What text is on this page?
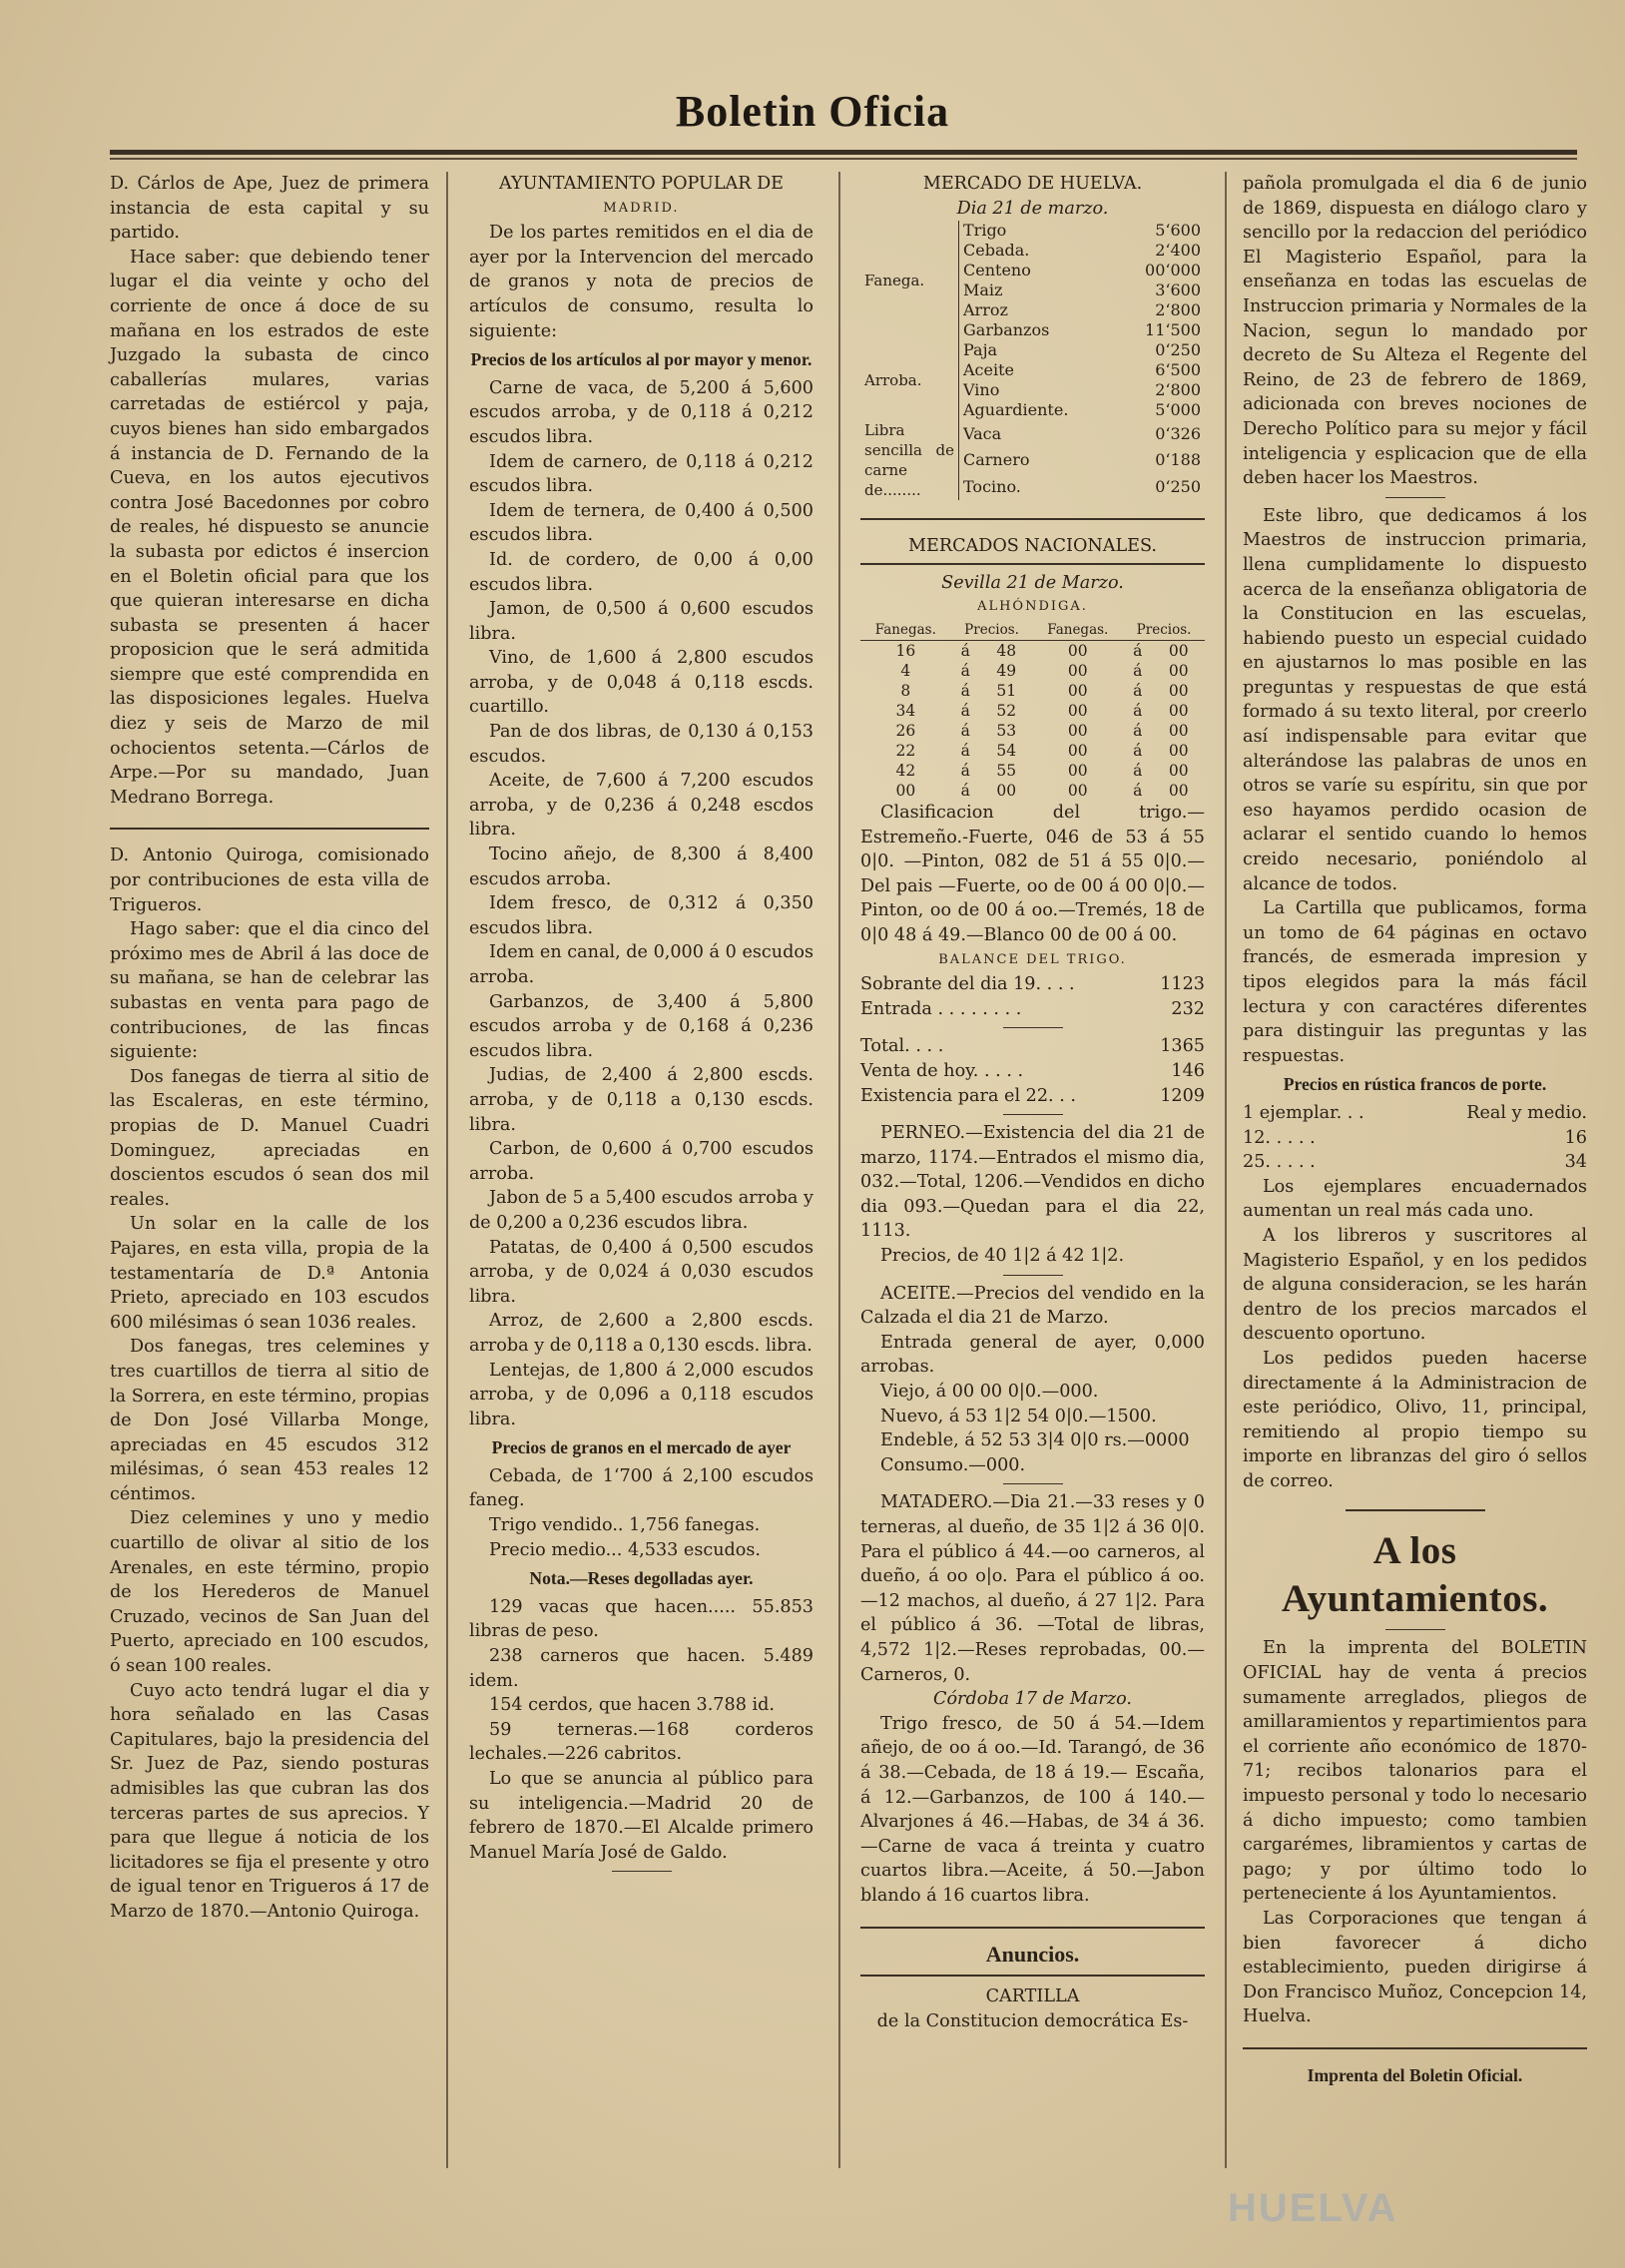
Boletin Oficia

D. Cárlos de Ape, Juez de primera instancia de esta capital y su partido.

Hace saber: que debiendo tener lugar el dia veinte y ocho del corriente de once á doce de su mañana en los estrados de este Juzgado la subasta de cinco caballerías mulares, varias carretadas de estiércol y paja, cuyos bienes han sido embargados á instancia de D. Fernando de la Cueva, en los autos ejecutivos contra José Bacedonnes por cobro de reales, hé dispuesto se anuncie la subasta por edictos é insercion en el Boletin oficial para que los que quieran interesarse en dicha subasta se presenten á hacer proposicion que le será admitida siempre que esté comprendida en las disposiciones legales. Huelva diez y seis de Marzo de mil ochocientos setenta.—Cárlos de Arpe.—Por su mandado, Juan Medrano Borrega.

D. Antonio Quiroga, comisionado por contribuciones de esta villa de Trigueros.

Hago saber: que el dia cinco del próximo mes de Abril á las doce de su mañana, se han de celebrar las subastas en venta para pago de contribuciones, de las fincas siguiente:

Dos fanegas de tierra al sitio de las Escaleras, en este término, propias de D. Manuel Cuadri Dominguez, apreciadas en doscientos escudos ó sean dos mil reales.

Un solar en la calle de los Pajares, en esta villa, propia de la testamentaría de D.ª Antonia Prieto, apreciado en 103 escudos 600 milésimas ó sean 1036 reales.

Dos fanegas, tres celemines y tres cuartillos de tierra al sitio de la Sorrera, en este término, propias de Don José Villarba Monge, apreciadas en 45 escudos 312 milésimas, ó sean 453 reales 12 céntimos.

Diez celemines y uno y medio cuartillo de olivar al sitio de los Arenales, en este término, propio de los Herederos de Manuel Cruzado, vecinos de San Juan del Puerto, apreciado en 100 escudos, ó sean 100 reales.

Cuyo acto tendrá lugar el dia y hora señalado en las Casas Capitulares, bajo la presidencia del Sr. Juez de Paz, siendo posturas admisibles las que cubran las dos terceras partes de sus aprecios. Y para que llegue á noticia de los licitadores se fija el presente y otro de igual tenor en Trigueros á 17 de Marzo de 1870.—Antonio Quiroga.

AYUNTAMIENTO POPULAR DE

MADRID.

De los partes remitidos en el dia de ayer por la Intervencion del mercado de granos y nota de precios de artículos de consumo, resulta lo siguiente:

Precios de los artículos al por mayor y menor.

Carne de vaca, de 5,200 á 5,600 escudos arroba, y de 0,118 á 0,212 escudos libra.

Idem de carnero, de 0,118 á 0,212 escudos libra.

Idem de ternera, de 0,400 á 0,500 escudos libra.

Id. de cordero, de 0,00 á 0,00 escudos libra.

Jamon, de 0,500 á 0,600 escudos libra.

Vino, de 1,600 á 2,800 escudos arroba, y de 0,048 á 0,118 escds. cuartillo.

Pan de dos libras, de 0,130 á 0,153 escudos.

Aceite, de 7,600 á 7,200 escudos arroba, y de 0,236 á 0,248 escdos libra.

Tocino añejo, de 8,300 á 8,400 escudos arroba.

Idem fresco, de 0,312 á 0,350 escudos libra.

Idem en canal, de 0,000 á 0 escudos arroba.

Garbanzos, de 3,400 á 5,800 escudos arroba y de 0,168 á 0,236 escudos libra.

Judias, de 2,400 á 2,800 escds. arroba, y de 0,118 a 0,130 escds. libra.

Carbon, de 0,600 á 0,700 escudos arroba.

Jabon de 5 a 5,400 escudos arroba y de 0,200 a 0,236 escudos libra.

Patatas, de 0,400 á 0,500 escudos arroba, y de 0,024 á 0,030 escudos libra.

Arroz, de 2,600 a 2,800 escds. arroba y de 0,118 a 0,130 escds. libra.

Lentejas, de 1,800 á 2,000 escudos arroba, y de 0,096 a 0,118 escudos libra.

Precios de granos en el mercado de ayer

Cebada, de 1‘700 á 2,100 escudos faneg.

Trigo vendido.. 1,756 fanegas.

Precio medio... 4,533 escudos.

Nota.—Reses degolladas ayer.

129 vacas que hacen..... 55.853 libras de peso.

238 carneros que hacen. 5.489 idem.

154 cerdos, que hacen 3.788 id.

59 terneras.—168 corderos lechales.—226 cabritos.

Lo que se anuncia al público para su inteligencia.—Madrid 20 de febrero de 1870.—El Alcalde primero Manuel María José de Galdo.

MERCADO DE HUELVA.

Dia 21 de marzo.

Fanega.	Trigo	5‘600
	Cebada.	2‘400
	Centeno	00‘000
	Maiz	3‘600
	Arroz	2‘800
	Garbanzos	11‘500
Arroba.	Paja	0‘250
	Aceite	6‘500
	Vino	2‘800
	Aguardiente.	5‘000
Libra sencilla de carne de........	Vaca	0‘326
	Carnero	0‘188
	Tocino.	0‘250

MERCADOS NACIONALES.

Sevilla 21 de Marzo.

ALHÓNDIGA.

Fanegas.	Precios.		Fanegas.	Precios.	
16	á	48	00	á	00
4	á	49	00	á	00
8	á	51	00	á	00
34	á	52	00	á	00
26	á	53	00	á	00
22	á	54	00	á	00
42	á	55	00	á	00
00	á	00	00	á	00

Clasificacion del trigo.—Estremeño.-Fuerte, 046 de 53 á 55 0|0. —Pinton, 082 de 51 á 55 0|0.—Del pais —Fuerte, oo de 00 á 00 0|0.—Pinton, oo de 00 á oo.—Tremés, 18 de 0|0 48 á 49.—Blanco 00 de 00 á 00.

BALANCE DEL TRIGO.

Sobrante del dia 19. . . .	1123
Entrada . . . . . . . .	232
Total. . . .	1365
Venta de hoy. . . . .	146
Existencia para el 22. . .	1209

PERNEO.—Existencia del dia 21 de marzo, 1174.—Entrados el mismo dia, 032.—Total, 1206.—Vendidos en dicho dia 093.—Quedan para el dia 22, 1113.

Precios, de 40 1|2 á 42 1|2.

ACEITE.—Precios del vendido en la Calzada el dia 21 de Marzo.

Entrada general de ayer, 0,000 arrobas.

Viejo, á 00 00 0|0.—000.

Nuevo, á 53 1|2 54 0|0.—1500.

Endeble, á 52 53 3|4 0|0 rs.—0000

Consumo.—000.

MATADERO.—Dia 21.—33 reses y 0 terneras, al dueño, de 35 1|2 á 36 0|0. Para el público á 44.—oo carneros, al dueño, á oo o|o. Para el público á oo.—12 machos, al dueño, á 27 1|2. Para el público á 36. —Total de libras, 4,572 1|2.—Reses reprobadas, 00.—Carneros, 0.

Córdoba 17 de Marzo.

Trigo fresco, de 50 á 54.—Idem añejo, de oo á oo.—Id. Tarangó, de 36 á 38.—Cebada, de 18 á 19.— Escaña, á 12.—Garbanzos, de 100 á 140.—Alvarjones á 46.—Habas, de 34 á 36.—Carne de vaca á treinta y cuatro cuartos libra.—Aceite, á 50.—Jabon blando á 16 cuartos libra.

Anuncios.

CARTILLA

de la Constitucion democrática Es-

pañola promulgada el dia 6 de junio de 1869, dispuesta en diálogo claro y sencillo por la redaccion del periódico El Magisterio Español, para la enseñanza en todas las escuelas de Instruccion primaria y Normales de la Nacion, segun lo mandado por decreto de Su Alteza el Regente del Reino, de 23 de febrero de 1869, adicionada con breves nociones de Derecho Político para su mejor y fácil inteligencia y esplicacion que de ella deben hacer los Maestros.

Este libro, que dedicamos á los Maestros de instruccion primaria, llena cumplidamente lo dispuesto acerca de la enseñanza obligatoria de la Constitucion en las escuelas, habiendo puesto un especial cuidado en ajustarnos lo mas posible en las preguntas y respuestas de que está formado á su texto literal, por creerlo así indispensable para evitar que alterándose las palabras de unos en otros se varíe su espíritu, sin que por eso hayamos perdido ocasion de aclarar el sentido cuando lo hemos creido necesario, poniéndolo al alcance de todos.

La Cartilla que publicamos, forma un tomo de 64 páginas en octavo francés, de esmerada impresion y tipos elegidos para la más fácil lectura y con caractéres diferentes para distinguir las preguntas y las respuestas.

Precios en rústica francos de porte.
1 ejemplar. . .	Real y medio.
12. . . . .	16
25. . . . .	34

Los ejemplares encuadernados aumentan un real más cada uno.

A los libreros y suscritores al Magisterio Español, y en los pedidos de alguna consideracion, se les harán dentro de los precios marcados el descuento oportuno.

Los pedidos pueden hacerse directamente á la Administracion de este periódico, Olivo, 11, principal, remitiendo al propio tiempo su importe en libranzas del giro ó sellos de correo.

A los Ayuntamientos.

En la imprenta del BOLETIN OFICIAL hay de venta á precios sumamente arreglados, pliegos de amillaramientos y repartimientos para el corriente año económico de 1870-71; recibos talonarios para el impuesto personal y todo lo necesario á dicho impuesto; como tambien cargarémes, libramientos y cartas de pago; y por último todo lo perteneciente á los Ayuntamientos.

Las Corporaciones que tengan á bien favorecer á dicho establecimiento, pueden dirigirse á Don Francisco Muñoz, Concepcion 14, Huelva.

Imprenta del Boletin Oficial.
HUELVA
